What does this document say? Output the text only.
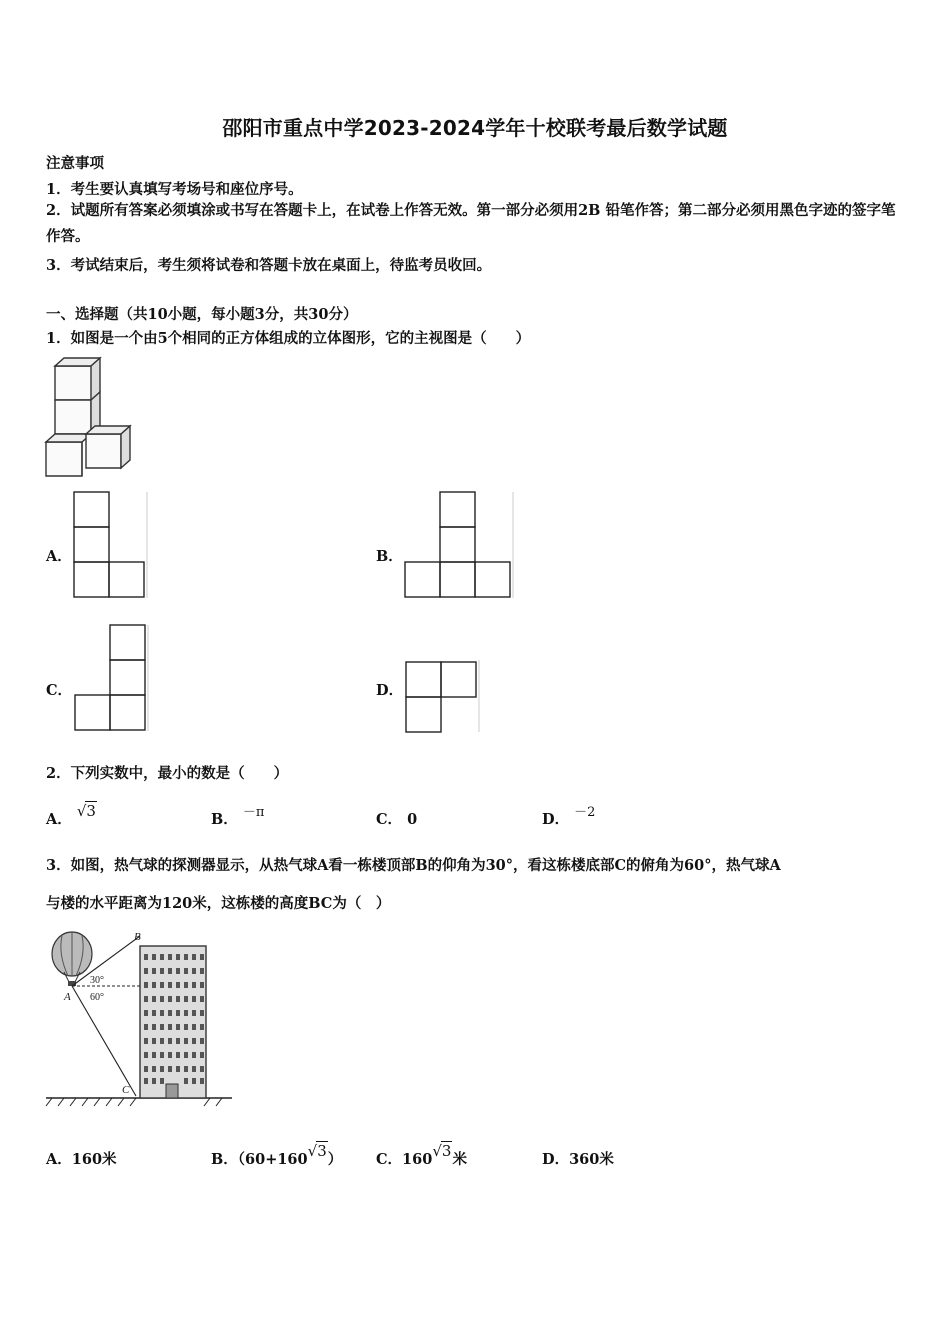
邵阳市重点中学2023-2024学年十校联考最后数学试题
注意事项
1．考生要认真填写考场号和座位序号。
2．试题所有答案必须填涂或书写在答题卡上，在试卷上作答无效。第一部分必须用2B 铅笔作答；第二部分必须用黑色字迹的签字笔作答。
3．考试结束后，考生须将试卷和答题卡放在桌面上，待监考员收回。
一、选择题（共10小题，每小题3分，共30分）
1．如图是一个由5个相同的正方体组成的立体图形，它的主视图是（　　）
A．	B．
C．	D．
2．下列实数中，最小的数是（　　）
A． √3	B． －π	C． 0	D． －2
3．如图，热气球的探测器显示，从热气球A看一栋楼顶部B的仰角为30°，看这栋楼底部C的俯角为60°，热气球A
与楼的水平距离为120米，这栋楼的高度BC为（　）
B
A
C
30°
60°
A．160米	B．（60+160√3） C．160√3米	D．360米
